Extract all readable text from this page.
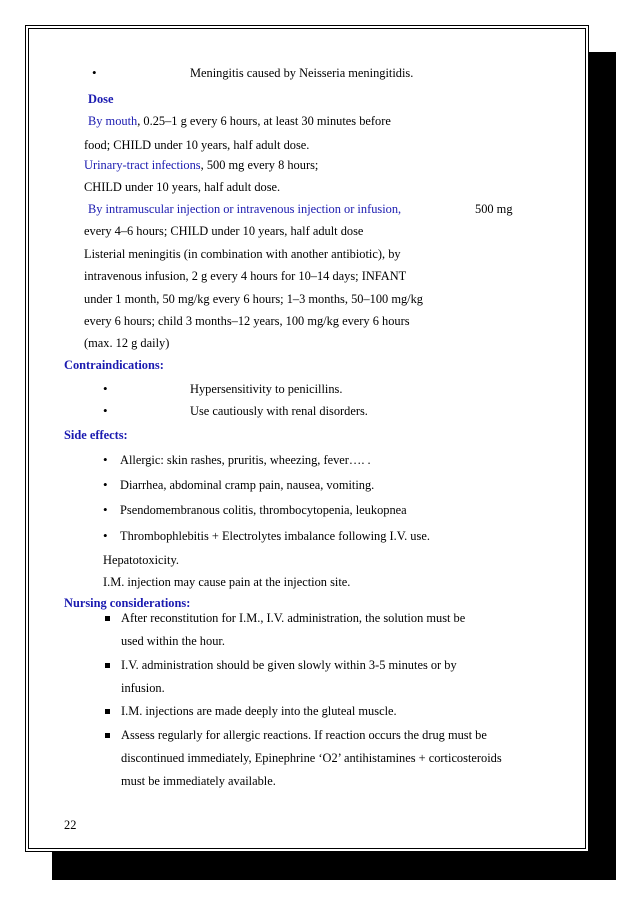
•	Meningitis caused by Neisseria meningitidis.
Dose
By mouth, 0.25–1 g every 6 hours, at least 30 minutes before
food; CHILD under 10 years, half adult dose.
Urinary-tract infections, 500 mg every 8 hours;
CHILD under 10 years, half adult dose.
By intramuscular injection or intravenous injection or infusion,	500 mg
every 4–6 hours; CHILD under 10 years, half adult dose
Listerial meningitis (in combination with another antibiotic), by
intravenous infusion, 2 g every 4 hours for 10–14 days; INFANT
under 1 month, 50 mg/kg every 6 hours; 1–3 months, 50–100 mg/kg
every 6 hours; child 3 months–12 years, 100 mg/kg every 6 hours
(max. 12 g daily)
Contraindications:
•	Hypersensitivity to penicillins.
•	Use cautiously with renal disorders.
Side effects:
• Allergic: skin rashes, pruritis, wheezing, fever…. .
• Diarrhea, abdominal cramp pain, nausea, vomiting.
• Psendomembranous colitis, thrombocytopenia, leukopnea
• Thrombophlebitis + Electrolytes imbalance following I.V. use.
Hepatotoxicity.
I.M. injection may cause pain at the injection site.
Nursing considerations:
After reconstitution for I.M., I.V. administration, the solution must be
used within the hour.
I.V. administration should be given slowly within 3-5 minutes or by
infusion.
I.M. injections are made deeply into the gluteal muscle.
Assess regularly for allergic reactions. If reaction occurs the drug must be
discontinued immediately, Epinephrine ‘O2’ antihistamines + corticosteroids
must be immediately available.
22
